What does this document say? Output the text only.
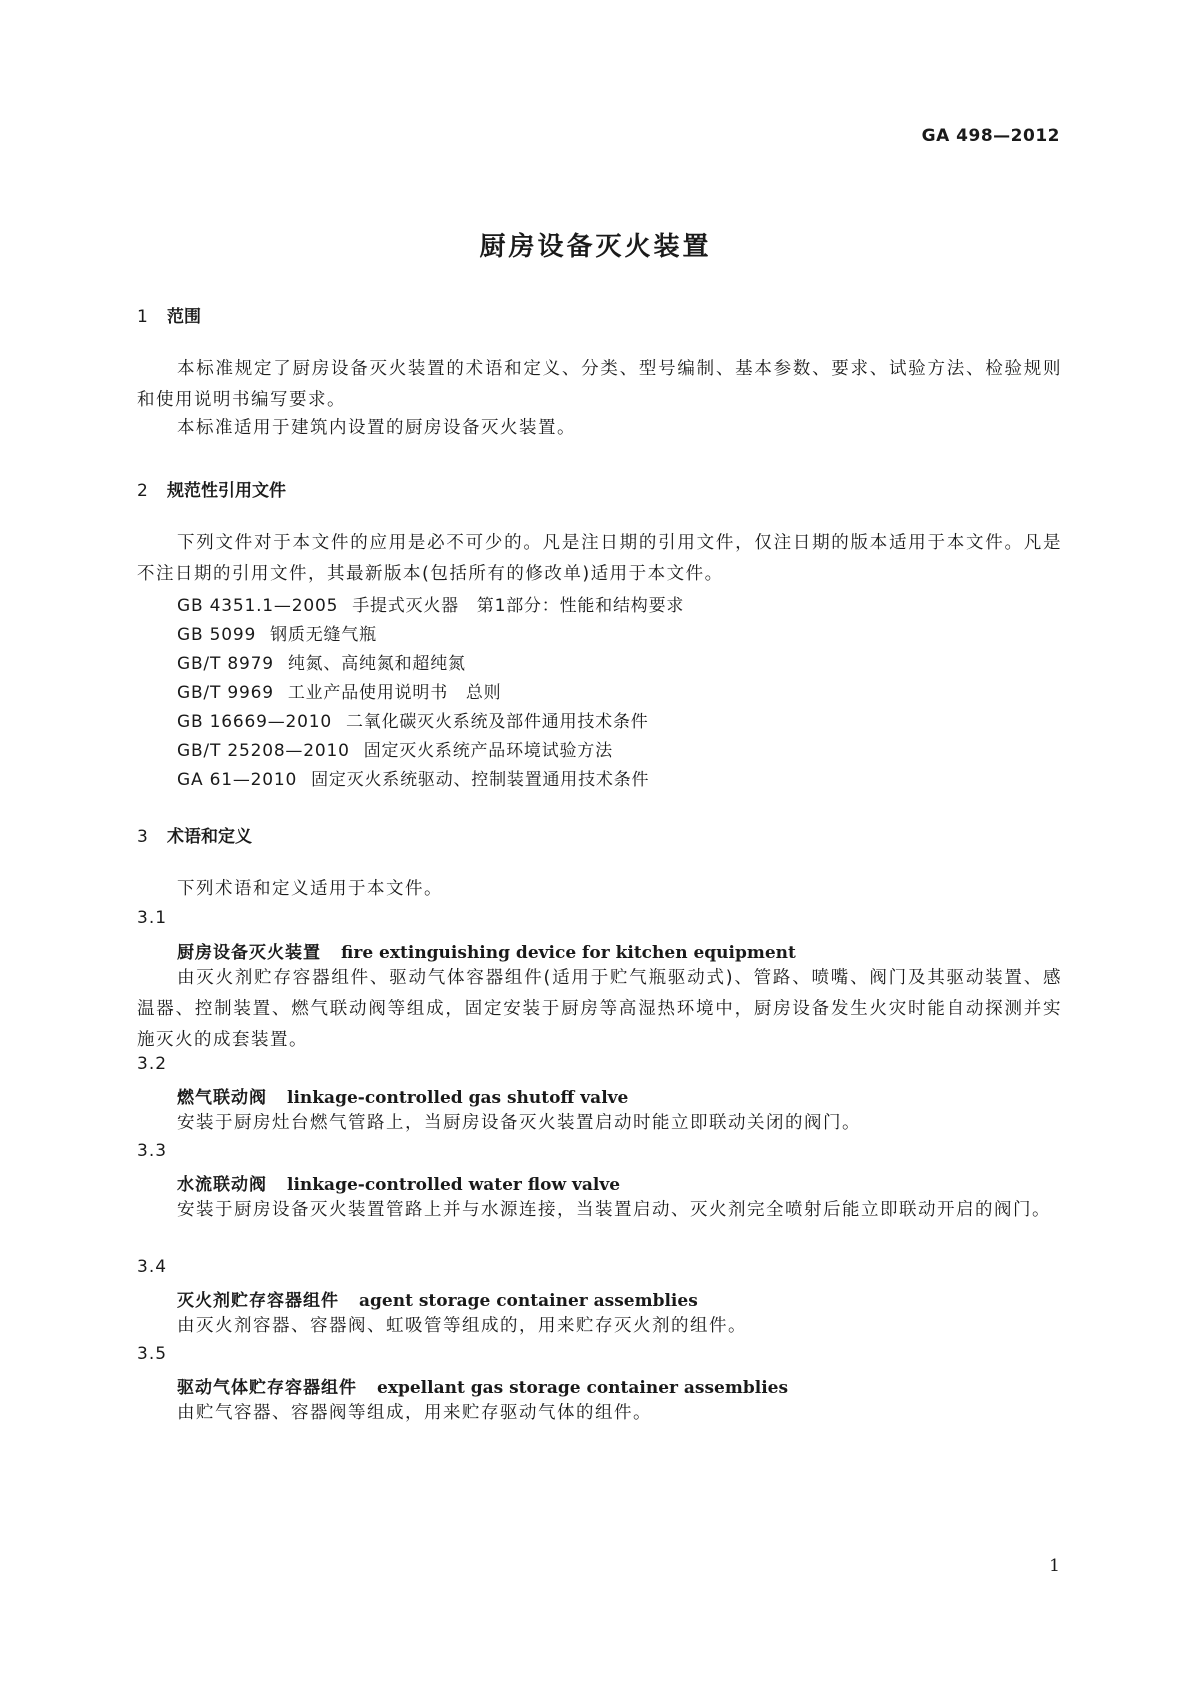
GA 498—2012
厨房设备灭火装置
1 范围
本标准规定了厨房设备灭火装置的术语和定义、分类、型号编制、基本参数、要求、试验方法、检验规则和使用说明书编写要求。
本标准适用于建筑内设置的厨房设备灭火装置。
2 规范性引用文件
下列文件对于本文件的应用是必不可少的。凡是注日期的引用文件，仅注日期的版本适用于本文件。凡是不注日期的引用文件，其最新版本(包括所有的修改单)适用于本文件。
GB 4351.1—2005 手提式灭火器　第1部分：性能和结构要求
GB 5099 钢质无缝气瓶
GB/T 8979 纯氮、高纯氮和超纯氮
GB/T 9969 工业产品使用说明书　总则
GB 16669—2010 二氧化碳灭火系统及部件通用技术条件
GB/T 25208—2010 固定灭火系统产品环境试验方法
GA 61—2010 固定灭火系统驱动、控制装置通用技术条件
3 术语和定义
下列术语和定义适用于本文件。
3.1
厨房设备灭火装置 fire extinguishing device for kitchen equipment
由灭火剂贮存容器组件、驱动气体容器组件(适用于贮气瓶驱动式)、管路、喷嘴、阀门及其驱动装置、感温器、控制装置、燃气联动阀等组成，固定安装于厨房等高湿热环境中，厨房设备发生火灾时能自动探测并实施灭火的成套装置。
3.2
燃气联动阀 linkage-controlled gas shutoff valve
安装于厨房灶台燃气管路上，当厨房设备灭火装置启动时能立即联动关闭的阀门。
3.3
水流联动阀 linkage-controlled water flow valve
安装于厨房设备灭火装置管路上并与水源连接，当装置启动、灭火剂完全喷射后能立即联动开启的阀门。
3.4
灭火剂贮存容器组件 agent storage container assemblies
由灭火剂容器、容器阀、虹吸管等组成的，用来贮存灭火剂的组件。
3.5
驱动气体贮存容器组件 expellant gas storage container assemblies
由贮气容器、容器阀等组成，用来贮存驱动气体的组件。
1
